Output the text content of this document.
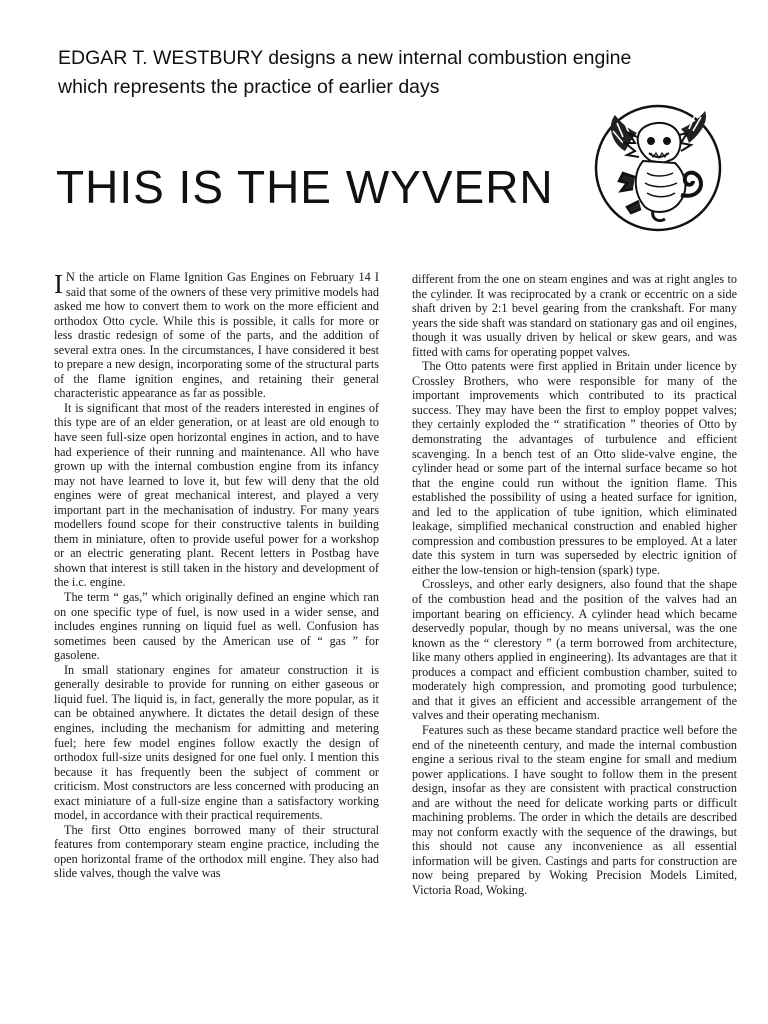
EDGAR T. WESTBURY designs a new internal combustion engine which represents the practice of earlier days
THIS IS THE WYVERN

I N the article on Flame Ignition Gas Engines on February 14 I said that some of the owners of these very primitive models had asked me how to convert them to work on the more efficient and orthodox Otto cycle. While this is possible, it calls for more or less drastic redesign of some of the parts, and the addition of several extra ones. In the circumstances, I have considered it best to prepare a new design, incorporating some of the structural parts of the flame ignition engines, and retaining their general characteristic appearance as far as possible.

It is significant that most of the readers interested in engines of this type are of an elder generation, or at least are old enough to have seen full-size open horizontal engines in action, and to have had experience of their running and maintenance. All who have grown up with the internal combustion engine from its infancy may not have learned to love it, but few will deny that the old engines were of great mechanical interest, and played a very important part in the mechanisation of industry. For many years modellers found scope for their constructive talents in building them in miniature, often to provide useful power for a workshop or an electric generating plant. Recent letters in Postbag have shown that interest is still taken in the history and development of the i.c. engine.

The term “ gas,” which originally defined an engine which ran on one specific type of fuel, is now used in a wider sense, and includes engines running on liquid fuel as well. Confusion has sometimes been caused by the American use of “ gas ” for gasolene.

In small stationary engines for amateur construction it is generally desirable to provide for running on either gaseous or liquid fuel. The liquid is, in fact, generally the more popular, as it can be obtained anywhere. It dictates the detail design of these engines, including the mechanism for admitting and metering fuel; here few model engines follow exactly the design of orthodox full-size units designed for one fuel only. I mention this because it has frequently been the subject of comment or criticism. Most constructors are less concerned with producing an exact miniature of a full-size engine than a satisfactory working model, in accordance with their practical requirements.

The first Otto engines borrowed many of their structural features from contemporary steam engine practice, including the open horizontal frame of the orthodox mill engine. They also had slide valves, though the valve was

different from the one on steam engines and was at right angles to the cylinder. It was reciprocated by a crank or eccentric on a side shaft driven by 2:1 bevel gearing from the crankshaft. For many years the side shaft was standard on stationary gas and oil engines, though it was usually driven by helical or skew gears, and was fitted with cams for operating poppet valves.

The Otto patents were first applied in Britain under licence by Crossley Brothers, who were responsible for many of the important improvements which contributed to its practical success. They may have been the first to employ poppet valves; they certainly exploded the “ stratification ” theories of Otto by demonstrating the advantages of turbulence and efficient scavenging. In a bench test of an Otto slide-valve engine, the cylinder head or some part of the internal surface became so hot that the engine could run without the ignition flame. This established the possibility of using a heated surface for ignition, and led to the application of tube ignition, which eliminated leakage, simplified mechanical construction and enabled higher compression and combustion pressures to be employed. At a later date this system in turn was superseded by electric ignition of either the low-tension or high-tension (spark) type.

Crossleys, and other early designers, also found that the shape of the combustion head and the position of the valves had an important bearing on efficiency. A cylinder head which became deservedly popular, though by no means universal, was the one known as the “ clerestory ” (a term borrowed from architecture, like many others applied in engineering). Its advantages are that it produces a compact and efficient combustion chamber, suited to moderately high compression, and promoting good turbulence; and that it gives an efficient and accessible arrangement of the valves and their operating mechanism.

Features such as these became standard practice well before the end of the nineteenth century, and made the internal combustion engine a serious rival to the steam engine for small and medium power applications. I have sought to follow them in the present design, insofar as they are consistent with practical construction and are without the need for delicate working parts or difficult machining problems. The order in which the details are described may not conform exactly with the sequence of the drawings, but this should not cause any inconvenience as all essential information will be given. Castings and parts for construction are now being prepared by Woking Precision Models Limited, Victoria Road, Woking.
